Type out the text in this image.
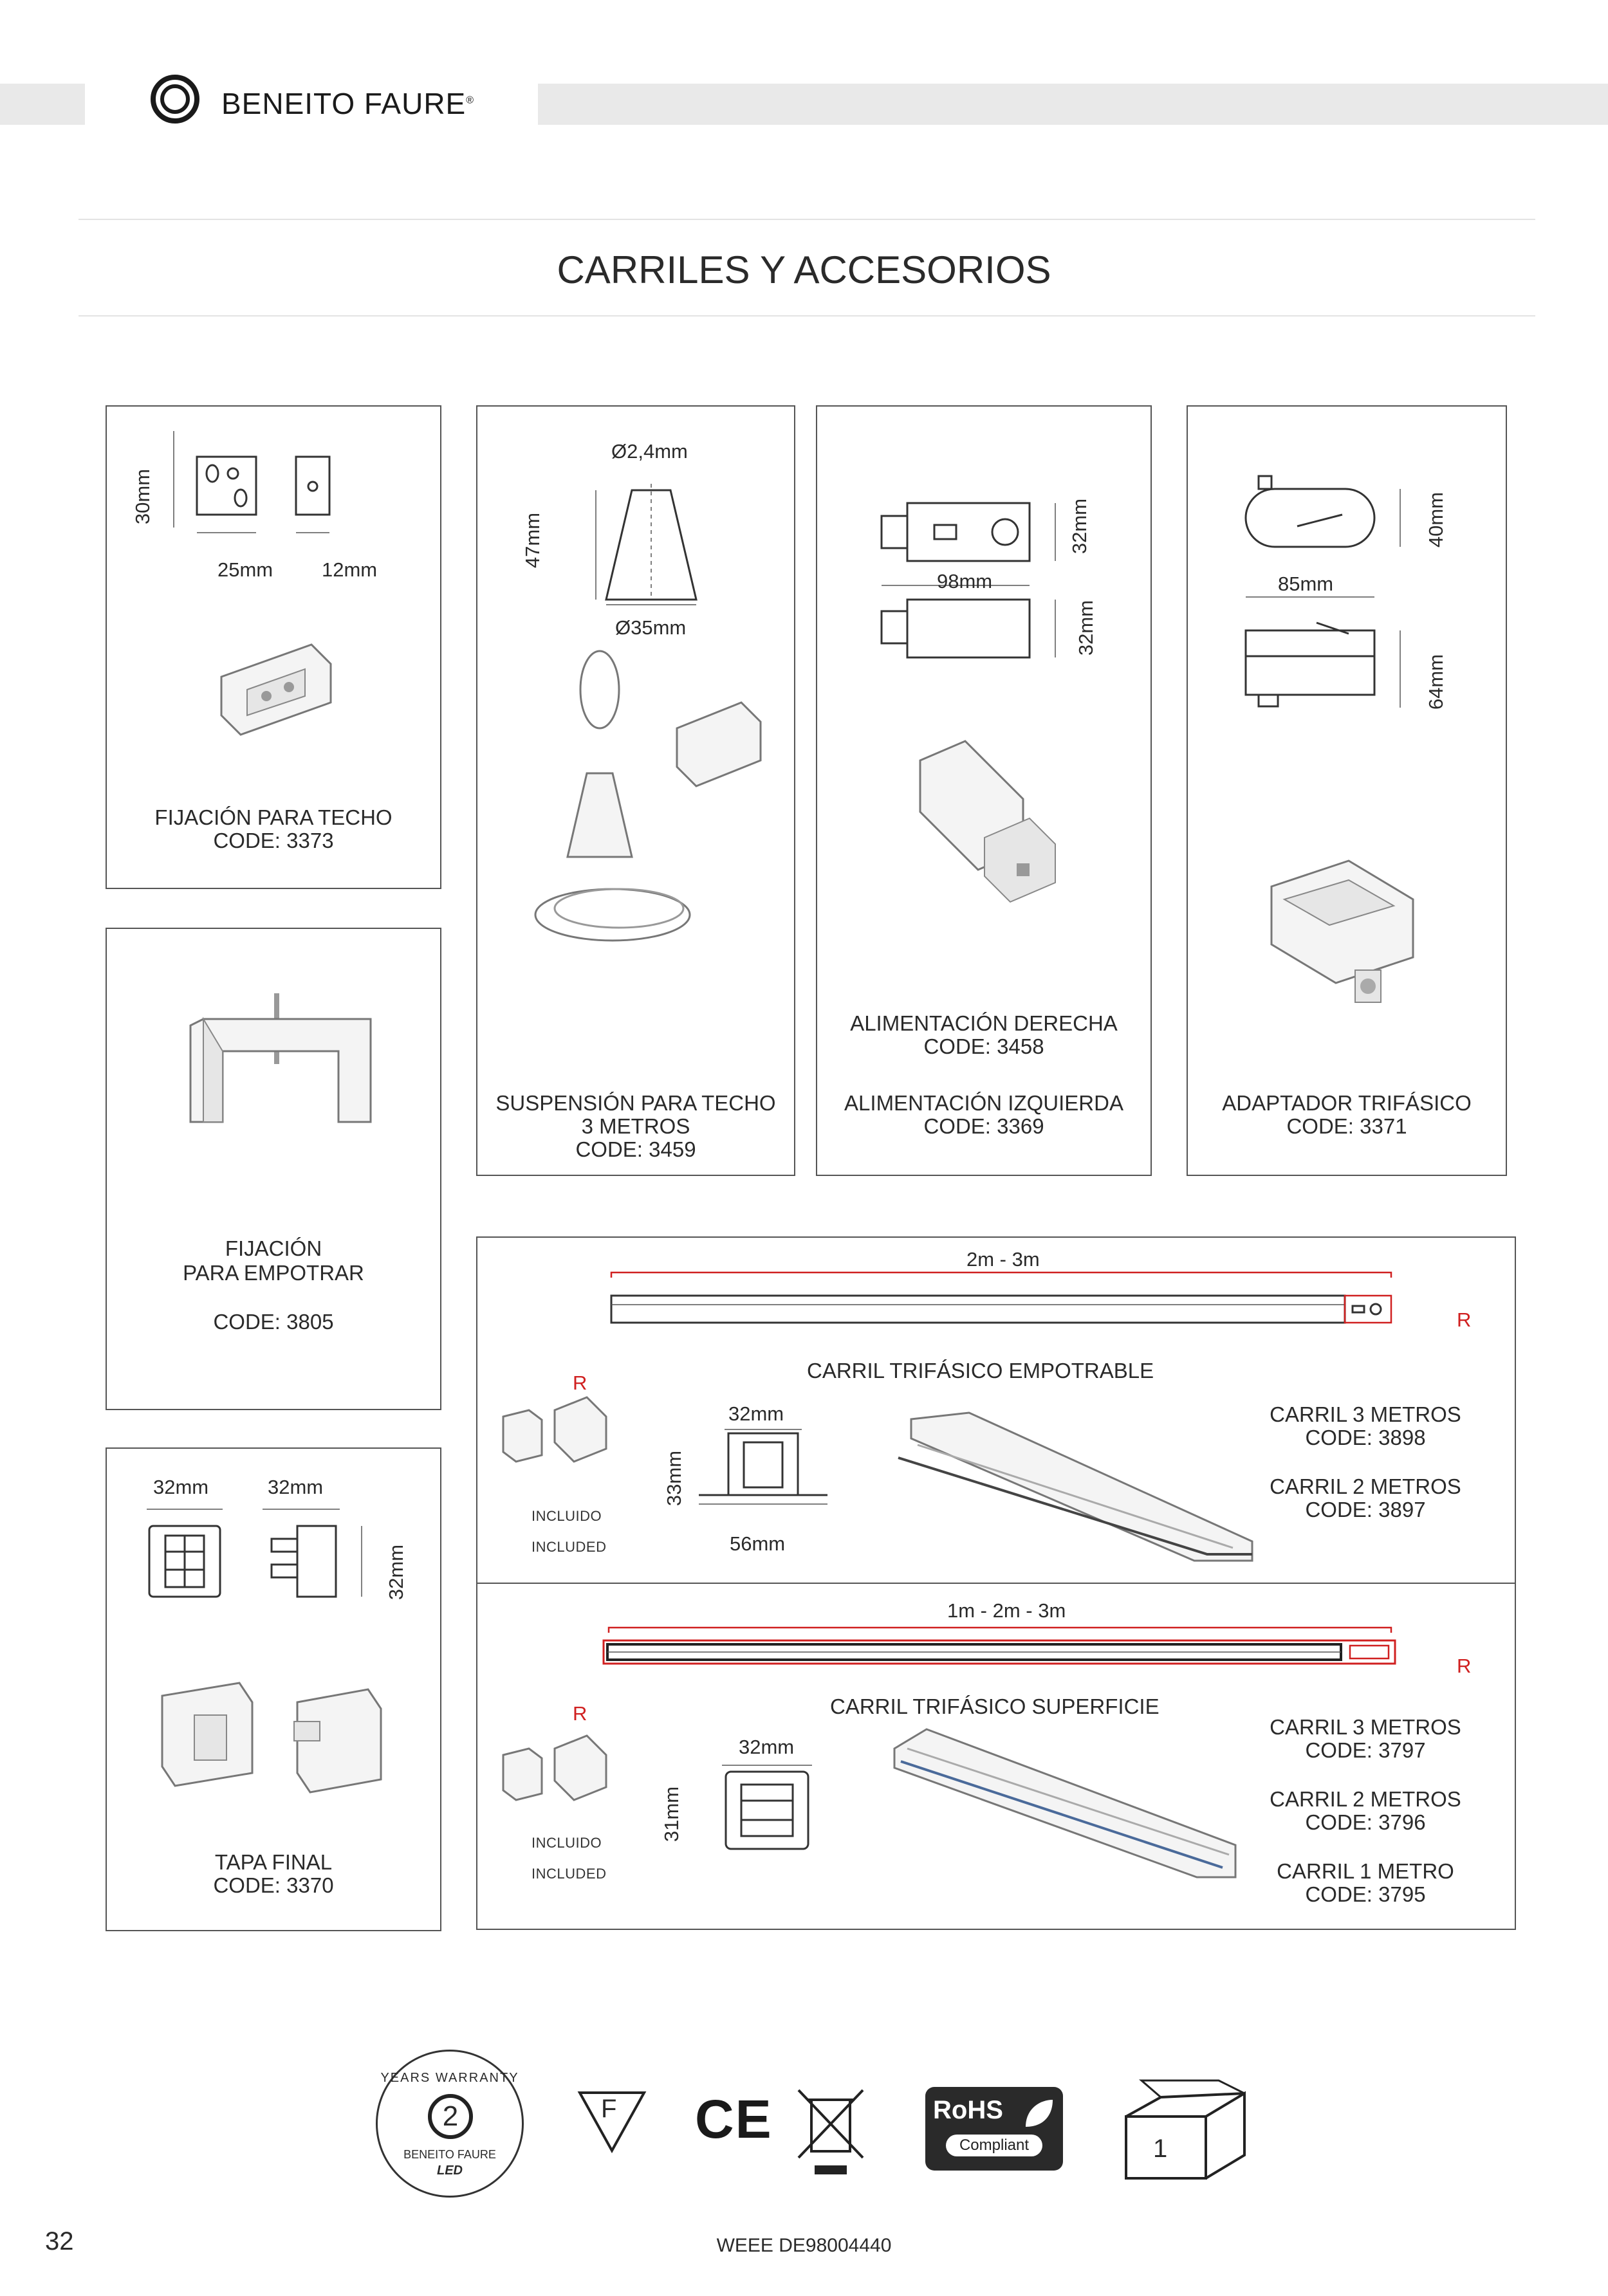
BENEITO FAURE®
CARRILES Y ACCESORIOS
30mm
25mm 12mm
FIJACIÓN PARA TECHO
CODE: 3373
FIJACIÓN
PARA EMPOTRAR
CODE: 3805
32mm	32mm
32mm
TAPA FINAL
CODE: 3370
Ø2,4mm
47mm
Ø35mm
SUSPENSIÓN PARA TECHO
3 METROS
CODE: 3459
32mm
98mm
32mm
ALIMENTACIÓN DERECHA
CODE: 3458
ALIMENTACIÓN IZQUIERDA
CODE: 3369
40mm
85mm
64mm
ADAPTADOR TRIFÁSICO
CODE: 3371
2m - 3m
R
CARRIL TRIFÁSICO EMPOTRABLE
R
INCLUIDO
INCLUDED
32mm
33mm
56mm
CARRIL 3 METROS
CODE: 3898
CARRIL 2 METROS
CODE: 3897
1m - 2m - 3m
R
CARRIL TRIFÁSICO SUPERFICIE
R
INCLUIDO
INCLUDED
32mm
31mm
CARRIL 3 METROS
CODE: 3797
CARRIL 2 METROS
CODE: 3796
CARRIL 1 METRO
CODE: 3795
YEARS WARRANTY
2
BENEITO FAURE
LED
F CE	RoHS
Compliant	1
32	WEEE DE98004440
